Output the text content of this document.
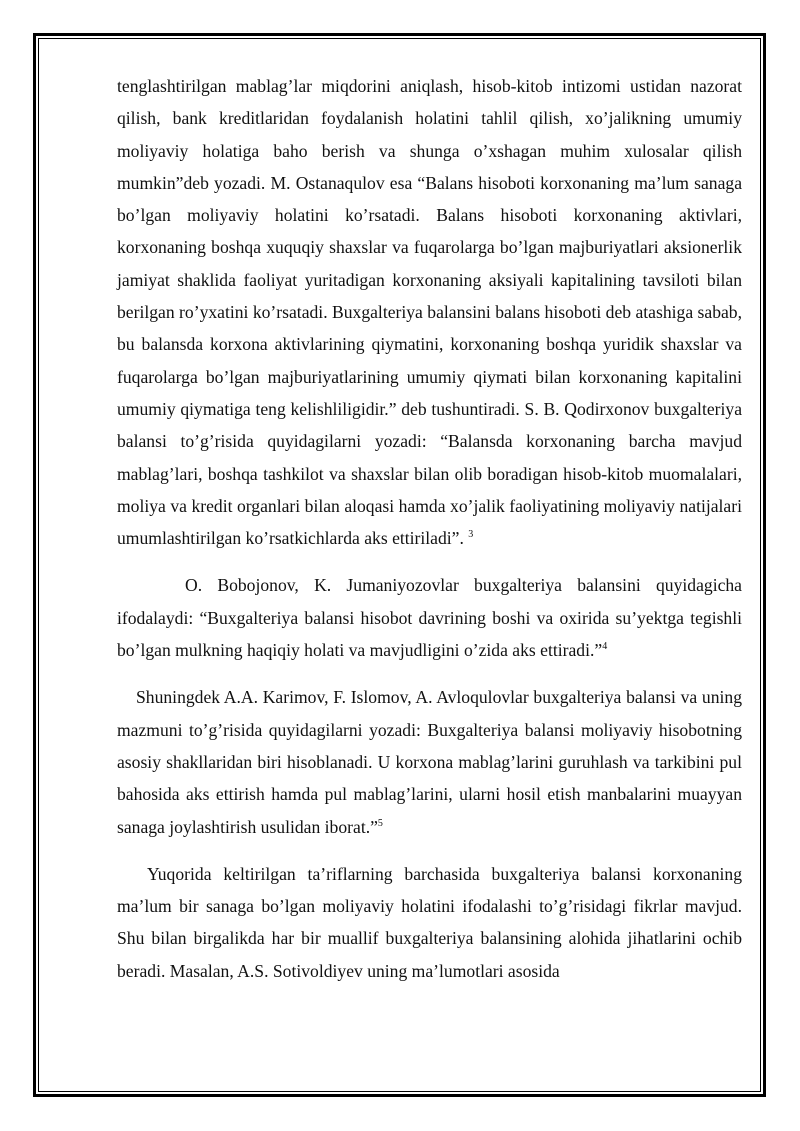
tenglashtirilgan mablag’lar miqdorini aniqlash, hisob-kitob intizomi ustidan nazorat qilish, bank kreditlaridan foydalanish holatini tahlil qilish, xo’jalikning umumiy moliyaviy holatiga baho berish va shunga o’xshagan muhim xulosalar qilish mumkin”deb yozadi. M. Ostanaqulov esa “Balans hisoboti korxonaning ma’lum sanaga bo’lgan moliyaviy holatini ko’rsatadi. Balans hisoboti korxonaning aktivlari, korxonaning boshqa xuquqiy shaxslar va fuqarolarga bo’lgan majburiyatlari aksionerlik jamiyat shaklida faoliyat yuritadigan korxonaning aksiyali kapitalining tavsiloti bilan berilgan ro’yxatini ko’rsatadi. Buxgalteriya balansini balans hisoboti deb atashiga sabab, bu balansda korxona aktivlarining qiymatini, korxonaning boshqa yuridik shaxslar va fuqarolarga bo’lgan majburiyatlarining umumiy qiymati bilan korxonaning kapitalini umumiy qiymatiga teng kelishliligidir.” deb tushuntiradi. S. B. Qodirxonov buxgalteriya balansi to’g’risida quyidagilarni yozadi: “Balansda korxonaning barcha mavjud mablag’lari, boshqa tashkilot va shaxslar bilan olib boradigan hisob-kitob muomalalari, moliya va kredit organlari bilan aloqasi hamda xo’jalik faoliyatining moliyaviy natijalari umumlashtirilgan ko’rsatkichlarda aks ettiriladi”. $^3$

O. Bobojonov, K. Jumaniyozovlar buxgalteriya balansini quyidagicha ifodalaydi: “Buxgalteriya balansi hisobot davrining boshi va oxirida su’yektga tegishli bo’lgan mulkning haqiqiy holati va mavjudligini o’zida aks ettiradi.”$^4$

Shuningdek A.A. Karimov, F. Islomov, A. Avloqulovlar buxgalteriya balansi va uning mazmuni to’g’risida quyidagilarni yozadi: Buxgalteriya balansi moliyaviy hisobotning asosiy shakllaridan biri hisoblanadi. U korxona mablag’larini guruhlash va tarkibini pul bahosida aks ettirish hamda pul mablag’larini, ularni hosil etish manbalarini muayyan sanaga joylashtirish usulidan iborat.”$^5$

Yuqorida keltirilgan ta’riflarning barchasida buxgalteriya balansi korxonaning ma’lum bir sanaga bo’lgan moliyaviy holatini ifodalashi to’g’risidagi fikrlar mavjud. Shu bilan birgalikda har bir muallif buxgalteriya balansining alohida jihatlarini ochib beradi. Masalan, A.S. Sotivoldiyev uning ma’lumotlari asosida
